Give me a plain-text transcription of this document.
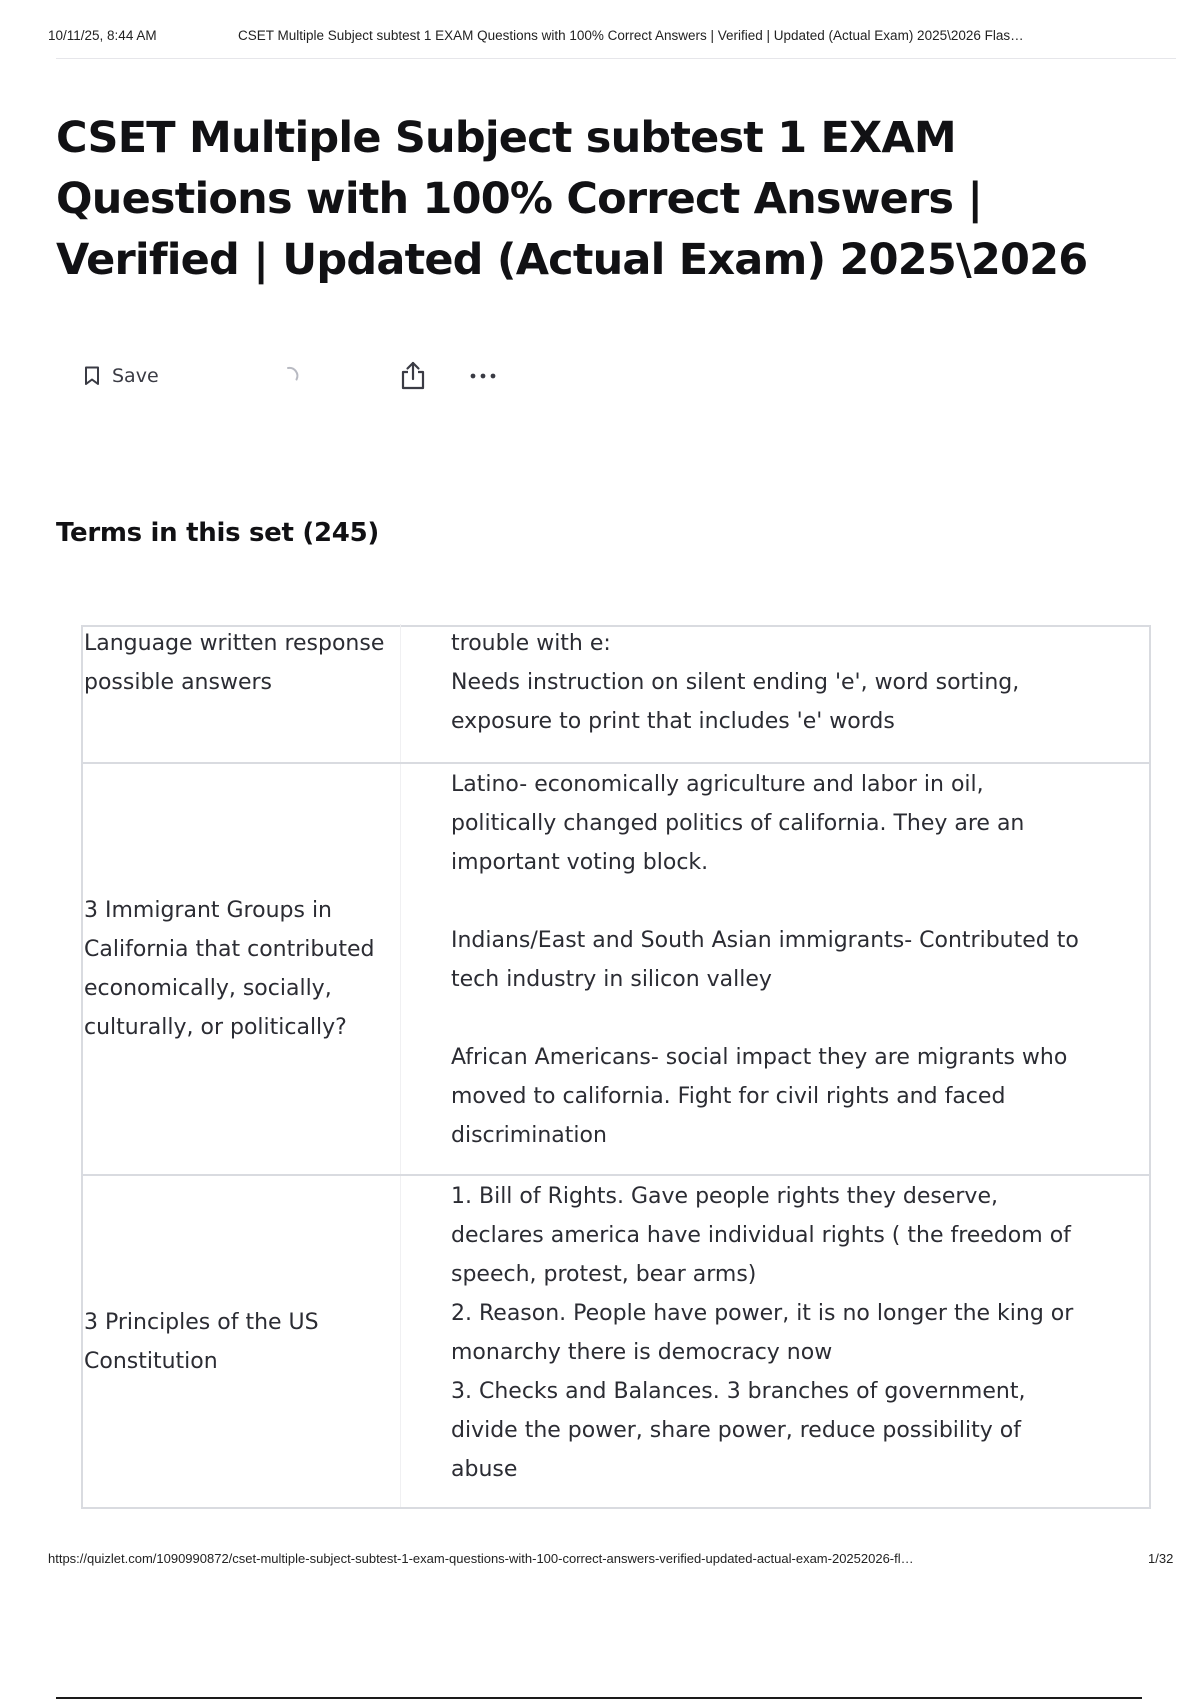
10/11/25, 8:44 AM	CSET Multiple Subject subtest 1 EXAM Questions with 100% Correct Answers | Verified | Updated (Actual Exam) 2025\2026 Flas…
CSET Multiple Subject subtest 1 EXAM Questions with 100% Correct Answers | Verified | Updated (Actual Exam) 2025\2026
Save
Terms in this set (245)
Language written response possible answers
trouble with e:
Needs instruction on silent ending 'e', word sorting, exposure to print that includes 'e' words
3 Immigrant Groups in California that contributed economically, socially, culturally, or politically?
Latino- economically agriculture and labor in oil, politically changed politics of california. They are an important voting block.

Indians/East and South Asian immigrants- Contributed to tech industry in silicon valley

African Americans- social impact they are migrants who moved to california. Fight for civil rights and faced discrimination
3 Principles of the US Constitution
1. Bill of Rights. Gave people rights they deserve, declares america have individual rights ( the freedom of speech, protest, bear arms)
2. Reason. People have power, it is no longer the king or monarchy there is democracy now
3. Checks and Balances. 3 branches of government, divide the power, share power, reduce possibility of abuse
https://quizlet.com/1090990872/cset-multiple-subject-subtest-1-exam-questions-with-100-correct-answers-verified-updated-actual-exam-20252026-fl…	1/32
